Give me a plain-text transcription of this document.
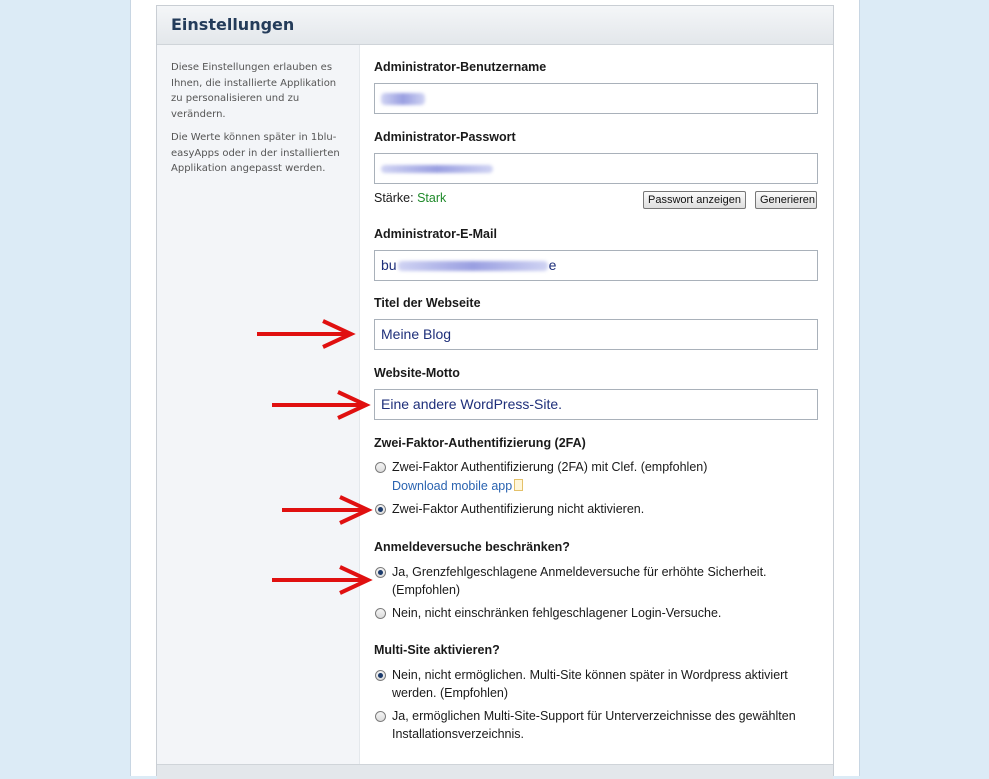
Einstellungen

Diese Einstellungen erlauben es Ihnen, die installierte Applikation zu personalisieren und zu verändern.

Die Werte können später in 1blu-easyApps oder in der installierten Applikation angepasst werden.

Administrator-Benutzername
Administrator-Passwort
Stärke: Stark	Passwort anzeigen	Generieren
Administrator-E-Mail
bu	e
Titel der Webseite
Meine Blog
Website-Motto
Eine andere WordPress-Site.
Zwei-Faktor-Authentifizierung (2FA)
Zwei-Faktor Authentifizierung (2FA) mit Clef. (empfohlen)
Download mobile app
Zwei-Faktor Authentifizierung nicht aktivieren.
Anmeldeversuche beschränken?
Ja, Grenzfehlgeschlagene Anmeldeversuche für erhöhte Sicherheit. (Empfohlen)
Nein, nicht einschränken fehlgeschlagener Login-Versuche.
Multi-Site aktivieren?
Nein, nicht ermöglichen. Multi-Site können später in Wordpress aktiviert werden. (Empfohlen)
Ja, ermöglichen Multi-Site-Support für Unterverzeichnisse des gewählten Installationsverzeichnis.
